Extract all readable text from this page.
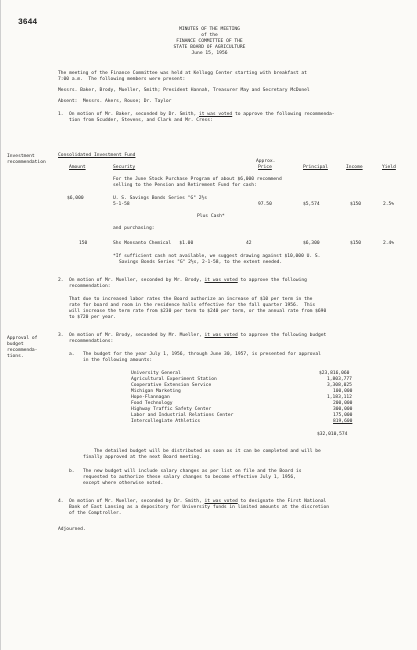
3644
MINUTES OF THE MEETING
of the
FINANCE COMMITTEE OF THE
STATE BOARD OF AGRICULTURE
June 15, 1956
The meeting of the Finance Committee was held at Kellogg Center starting with breakfast at
7:00 a.m.  The following members were present:
Messrs. Baker, Brody, Mueller, Smith; President Hannah, Treasurer May and Secretary McDonel
Absent:  Messrs. Akers, Rouse; Dr. Taylor
1. On motion of Mr. Baker, seconded by Dr. Smith, it was voted to approve the following recommenda-
tion from Scudder, Stevens, and Clark and Mr. Cress:
Investment
recommendation
Consolidated Investment Fund
Approx.
Amount	Security	Price	Principal	Income	Yield
For the June Stock Purchase Program of about $6,000 recommend
selling to the Pension and Retirement Fund for cash:
$6,000	U. S. Savings Bonds Series "G" 2½s
5-1-58	97.50	$5,574	$150	2.5%
Plus Cash*
and purchasing:
150	Shs Monsanto Chemical   $1.00	42	$6,300	$150	2.4%
*If sufficient cash not available, we suggest drawing against $10,000 U. S.
Savings Bonds Series "G" 2½s, 2-1-58, to the extent needed.
2. On motion of Mr. Mueller, seconded by Mr. Brody, it was voted to approve the following
recommendation:
That due to increased labor rates the Board authorize an increase of $10 per term in the
rate for board and room in the residence halls effective for the fall quarter 1956.  This
will increase the term rate from $230 per term to $240 per term, or the annual rate from $690
to $720 per year.
Approval of
budget
recommenda-
tions.
3. On motion of Mr. Brody, seconded by Mr. Mueller, it was voted to approve the following budget
recommendations:
a. The budget for the year July 1, 1956, through June 30, 1957, is presented for approval
in the following amounts:
University General	$23,816,060
Agricultural Experiment Station	1,803,777
Cooperative Extension Service	3,308,025
Michigan Marketing	100,000
Hope-Flannagan	1,183,112
Food Technology	200,000
Highway Traffic Safety Center	300,000
Labor and Industrial Relations Center	175,000
Intercollegiate Athletics	819,600
$32,010,574
The detailed budget will be distributed as soon as it can be completed and will be
finally approved at the next Board meeting.
b. The new budget will include salary changes as per list on file and the Board is
requested to authorize these salary changes to become effective July 1, 1956,
except where otherwise noted.
4. On motion of Mr. Mueller, seconded by Dr. Smith, it was voted to designate the First National
Bank of East Lansing as a depository for University funds in limited amounts at the discretion
of the Comptroller.
Adjourned.
